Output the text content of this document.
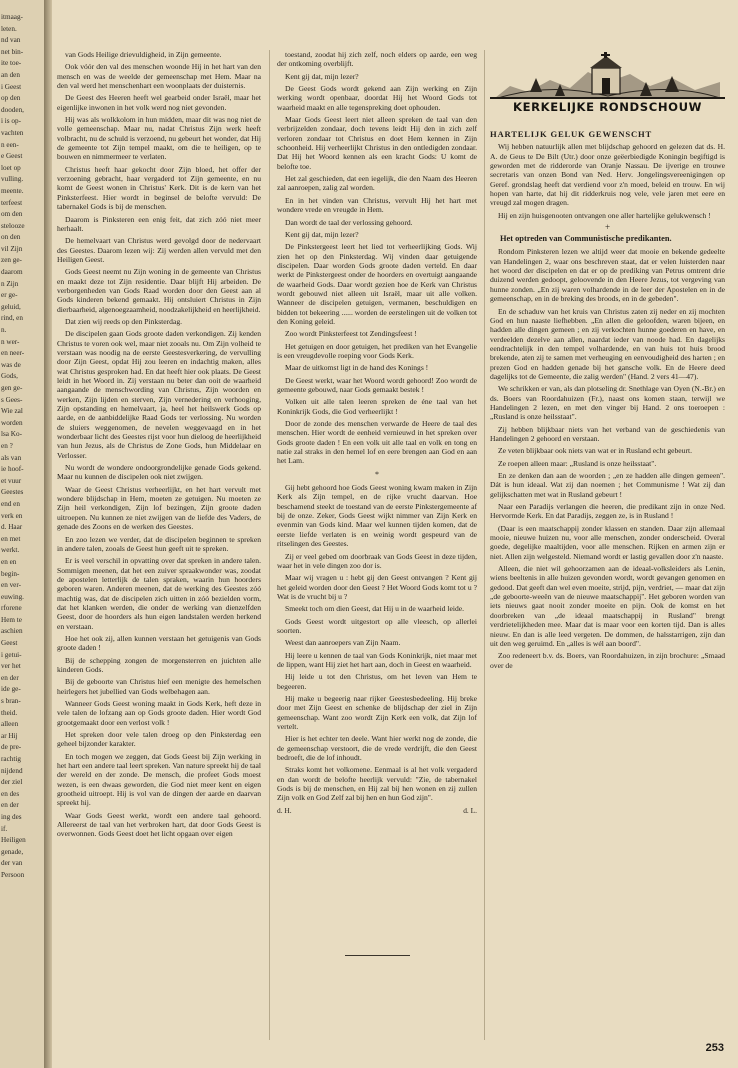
itmaag-
leten.
nd van
net bin-
ite toe-
an den
i Geest
op den
dooden,
i is op-
vachten
n een-
e Geest
loet op
vulling.
meente.
terfeest
om den
stelooze
on den
vil Zijn
zen ge-
daarom
n Zijn
er ge-
geluid,
rind, en
n.
n wer-
en neer-
was de
Gods,
gen ge-
s Gees-
Wie zal
worden
lsa Ko-
en ?
als van
ie hoof-
et vuur
Geestes
end en
verk en
d. Haar
en met
werkt.
en en
begin-
en ver-
euwing.
rforene
Hem te
aschien
Geest
i getui-
ver het
en der
ide ge-
s bran-
theid.
alleen
ar Hij
de pre-
rachtig
nijdend
der ziel
en des
en der
ing des
if.
Heiligen
genade,
der van
Persoon

van Gods Heilige drievuldigheid, in Zijn gemeente.

Ook vóór den val des menschen woonde Hij in het hart van den mensch en was de weelde der gemeenschap met Hem. Maar na den val werd het menschenhart een woonplaats der duisternis.

De Geest des Heeren heeft wel gearbeid onder Israël, maar het eigenlijke inwonen in het volk werd nog niet gevonden.

Hij was als wolkkolom in hun midden, maar dit was nog niet de volle gemeenschap. Maar nu, nadat Christus Zijn werk heeft volbracht, nu de schuld is verzoend, nu gebeurt het wonder, dat Hij de gemeente tot Zijn tempel maakt, om die te heiligen, op te bouwen en nimmermeer te verlaten.

Christus heeft haar gekocht door Zijn bloed, het offer der verzoening gebracht, haar vergaderd tot Zijn gemeente, en nu komt de Geest wonen in Christus' Kerk. Dit is de kern van het Pinksterfeest. Hier wordt in beginsel de belofte vervuld: De tabernakel Gods is bij de menschen.

Daarom is Pinksteren een enig feit, dat zich zóó niet meer herhaalt.

De hemelvaart van Christus werd gevolgd door de nedervaart des Geestes. Daarom lezen wij: Zij werden allen vervuld met den Heiligen Geest.

Gods Geest neemt nu Zijn woning in de gemeente van Christus en maakt deze tot Zijn residentie. Daar blijft Hij arbeiden. De verborgenheden van Gods Raad worden door den Geest aan al Gods kinderen bekend gemaakt. Hij ontsluiert Christus in Zijn dierbaarheid, algenoegzaamheid, noodzakelijkheid en heerlijkheid.

Dat zien wij reeds op den Pinksterdag.

De discipelen gaan Gods groote daden verkondigen. Zij kenden Christus te voren ook wel, maar niet zooals nu. Om Zijn volheid te verstaan was noodig na de eerste Geestesverkering, de vervulling door Zijn Geest, opdat Hij zou leeren en indachtig maken, alles wat Christus gesproken had. En dat heeft hier ook plaats. De Geest leidt in het Woord in. Zij verstaan nu beter dan ooit de waarheid aangaande de menschwording van Christus, Zijn woorden en werken, Zijn lijden en sterven, Zijn vernedering en verhooging, Zijn opstanding en hemelvaart, ja, heel het heilswerk Gods op aarde, en de aanbiddelijke Raad Gods ter verlossing. Nu worden de sluiers weggenomen, de nevelen weggevaagd en in het wonderbaar licht des Geestes rijst voor hun dieloog de heerlijkheid van hun Jezus, als de Christus de Zone Gods, hun Middelaar en Verlosser.

Nu wordt de wondere ondoorgrondelijke genade Gods gekend. Maar nu kunnen de discipelen ook niet zwijgen.

Waar de Geest Christus verheerlijkt, en het hart vervult met wondere blijdschap in Hem, moeten ze getuigen. Nu moeten ze Zijn heil verkondigen, Zijn lof bezingen, Zijn groote daden uitroepen. Nu kunnen ze niet zwijgen van de liefde des Vaders, de genade des Zoons en de werken des Geestes.

En zoo lezen we verder, dat de discipelen beginnen te spreken in andere talen, zooals de Geest hun geeft uit te spreken.

Er is veel verschil in opvatting over dat spreken in andere talen. Sommigen meenen, dat het een zuiver spraakwonder was, zoodat de apostelen letterlijk de talen spraken, waarin hun hoorders geboren waren. Anderen meenen, dat de werking des Geestes zóó machtig was, dat de discipelen zich uitten in zóó bezielden vorm, dat het klanken werden, die onder de werking van dienzelfden Geest, door de hoorders als hun eigen landstalen werden herkend en verstaan.

Hoe het ook zij, allen kunnen verstaan het getuigenis van Gods groote daden !

Bij de schepping zongen de morgensterren en juichten alle kinderen Gods.

Bij de geboorte van Christus hief een menigte des hemelschen heirlegers het jubellied van Gods welbehagen aan.

Wanneer Gods Geest woning maakt in Gods Kerk, heft deze in vele talen de lofzang aan op Gods groote daden. Hier wordt God grootgemaakt door een verlost volk !

Het spreken door vele talen droeg op den Pinksterdag een geheel bijzonder karakter.

En toch mogen we zeggen, dat Gods Geest bij Zijn werking in het hart een andere taal leert spreken. Van nature spreekt hij de taal der wereld en der zonde. De mensch, die profeet Gods moest wezen, is een dwaas geworden, die God niet meer kent en eigen grootheid uitroept. Hij is vol van de dingen der aarde en daarvan spreekt hij.

Waar Gods Geest werkt, wordt een andere taal gehoord. Allereerst de taal van het verbroken hart, dat door Gods Geest is overwonnen. Gods Geest doet het licht opgaan over eigen

toestand, zoodat hij zich zelf, noch elders op aarde, een weg der ontkoming overblijft.

Kent gij dat, mijn lezer?

De Geest Gods wordt gekend aan Zijn werking en Zijn werking wordt openbaar, doordat Hij het Woord Gods tot waarheid maakt en alle tegenspreking doet ophouden.

Maar Gods Geest leert niet alleen spreken de taal van den verbrijzelden zondaar, doch tevens leidt Hij den in zich zelf verloren zondaar tot Christus en doet Hem kennen in Zijn schoonheid. Hij verheerlijkt Christus in den ontledigden zondaar. Dat Hij het Woord kennen als een kracht Gods: U komt de belofte toe.

Het zal geschieden, dat een iegelijk, die den Naam des Heeren zal aanroepen, zalig zal worden.

En in het vinden van Christus, vervult Hij het hart met wondere vrede en vreugde in Hem.

Dan wordt de taal der verlossing gehoord.

Kent gij dat, mijn lezer?

De Pinkstergeest leert het lied tot verheerlijking Gods. Wij zien het op den Pinksterdag. Wij vinden daar getuigende discipelen. Daar worden Gods groote daden verteld. En daar werkt de Pinkstergeest onder de hoorders en overtuigt aangaande de waarheid Gods. Daar wordt gezien hoe de Kerk van Christus wordt gebouwd niet alleen uit Israël, maar uit alle volken. Wanneer de discipelen getuigen, vermanen, beschuldigen en bidden tot bekeering ...... worden de eerstelingen uit de volken tot den Koning geleid.

Zoo wordt Pinksterfeest tot Zendingsfeest !

Het getuigen en door getuigen, het prediken van het Evangelie is een vreugdevolle roeping voor Gods Kerk.

Maar de uitkomst ligt in de hand des Konings !

De Geest werkt, waar het Woord wordt gehoord! Zoo wordt de gemeente gebouwd, naar Gods gemaakt bestek !

Volken uit alle talen leeren spreken de éne taal van het Koninkrijk Gods, die God verheerlijkt !

Door de zonde des menschen verwarde de Heere de taal des menschen. Hier wordt de eenheid vernieuwd in het spreken over Gods groote daden ! En een volk uit alle taal en volk en tong en natie zal straks in den hemel lof en eere brengen aan God en aan het Lam.

*

Gij hebt gehoord hoe Gods Geest woning kwam maken in Zijn Kerk als Zijn tempel, en de rijke vrucht daarvan. Hoe beschamend steekt de toestand van de eerste Pinkstergemeente af bij de onze. Zeker, Gods Geest wijkt nimmer van Zijn Kerk en evenmin van Gods kind. Maar wel kunnen tijden komen, dat de eerste liefde verlaten is en weinig wordt gespeurd van de ritselingen des Geestes.

Zij er veel gebed om doorbraak van Gods Geest in deze tijden, waar het in vele dingen zoo dor is.

Maar wij vragen u : hebt gij den Geest ontvangen ? Kent gij het geleid worden door den Geest ? Het Woord Gods komt tot u ? Wat is de vrucht bij u ?

Smeekt toch om dien Geest, dat Hij u in de waarheid leide.

Gods Geest wordt uitgestort op alle vleesch, op allerlei soorten.

Weest dan aanroepers van Zijn Naam.

Hij leere u kennen de taal van Gods Koninkrijk, niet maar met de lippen, want Hij ziet het hart aan, doch in Geest en waarheid.

Hij leide u tot den Christus, om het leven van Hem te begeeren.

Hij make u begeerig naar rijker Geestesbedeeling. Hij breke door met Zijn Geest en schenke de blijdschap der ziel in Zijn gemeenschap. Want zoo wordt Zijn Kerk een volk, dat Zijn lof vertelt.

Hier is het echter ten deele. Want hier werkt nog de zonde, die de gemeenschap verstoort, die de vrede verdrijft, die den Geest bedroeft, die de lof inhoudt.

Straks komt het volkomene. Eenmaal is al het volk vergaderd en dan wordt de belofte heerlijk vervuld: "Zie, de tabernakel Gods is bij de menschen, en Hij zal bij hen wonen en zij zullen Zijn volk en God Zelf zal bij hen en hun God zijn".

d. H.	d. L.
KERKELIJKE RONDSCHOUW
HARTELIJK GELUK GEWENSCHT

Wij hebben natuurlijk allen met blijdschap gehoord en gelezen dat ds. H. A. de Geus te De Bilt (Utr.) door onze geëerbiedigde Koningin begiftigd is geworden met de ridderorde van Oranje Nassau. De ijverige en trouwe secretaris van onzen Bond van Ned. Herv. Jongelingsvereenigingen op Geref. grondslag heeft dat verdiend voor z'n moed, beleid en trouw. En wij hopen van harte, dat hij dit ridderkruis nog vele, vele jaren met eere en vreugd zal mogen dragen.

Hij en zijn huisgenooten ontvangen one aller hartelijke gelukwensch !

+
Het optreden van Communistische predikanten.

Rondom Pinksteren lezen we altijd weer dat mooie en bekende gedeelte van Handelingen 2, waar ons beschreven staat, dat er velen luisterden naar het woord der discipelen en dat er op de prediking van Petrus omtrent drie duizend werden gedoopt, geloovende in den Heere Jezus, tot vergeving van hunne zonden. „En zij waren volhardende in de leer der Apostelen en in de gemeenschap, en in de breking des broods, en in de gebeden".

En de schaduw van het kruis van Christus zaten zij neder en zij mochten God en hun naaste liefhebben. „En allen die geloofden, waren bijeen, en hadden alle dingen gemeen ; en zij verkochten hunne goederen en have, en verdeelden dezelve aan allen, naardat ieder van noode had. En dagelijks eendrachtelijk in den tempel volhardende, en van huis tot huis brood brekende, aten zij te samen met verheuging en eenvoudigheid des harten ; en prezen God en hadden genade bij het gansche volk. En de Heere deed dagelijks tot de Gemeente, die zalig werden" (Hand. 2 vers 41—47).

We schrikken er van, als dan plotseling dr. Snethlage van Oyen (N.-Br.) en ds. Boers van Roordahuizen (Fr.), naast ons komen staan, terwijl we Handelingen 2 lezen, en met den vinger bij Hand. 2 ons toeroepen : „Rusland is onze heilsstaat".

Zij hebben blijkbaar niets van het verband van de geschiedenis van Handelingen 2 gehoord en verstaan.

Ze veten blijkbaar ook niets van wat er in Rusland echt gebeurt.

Ze roepen alleen maar: „Rusland is onze heilsstaat".

En ze denken dan aan de woorden ; „en ze hadden alle dingen gemeen". Dát is hun ideaal. Wat zij dan noemen ; het Communisme ! Wat zij dan gelijkschatten met wat in Rusland gebeurt !

Naar een Paradijs verlangen die heeren, die predikant zijn in onze Ned. Hervormde Kerk. En dat Paradijs, zeggen ze, is in Rusland !

(Daar is een maatschappij zonder klassen en standen. Daar zijn allemaal mooie, nieuwe huizen nu, voor alle menschen, zonder onderscheid. Overal goede, degelijke maaltijden, voor alle menschen. Rijken en armen zijn er niet. Allen zijn welgesteld. Niemand wordt er lastig gevallen door z'n naaste.

Alleen, die niet wil gehoorzamen aan de ideaal-volksleiders als Lenin, wiens beeltenis in alle huizen gevonden wordt, wordt gevangen genomen en gedood. Dat geeft dan wel even moeite, strijd, pijn, verdriet, — maar dat zijn „de geboorte-weeën van de nieuwe maatschappij". Het geboren worden van iets nieuws gaat nooit zonder moeite en pijn. Ook de komst en het doorbreken van „de ideaal maatschappij in Rusland" brengt verdrietelijkheden mee. Maar dat is maar voor een korten tijd. Dan is alles nieuw. En dan is alle leed vergeten. De dommen, de halsstarrigen, zijn dan uit den weg geruimd. En „alles is wél aan boord".

Zoo redeneert b.v. ds. Boers, van Roordahuizen, in zijn brochure: „Smaad over de

253
